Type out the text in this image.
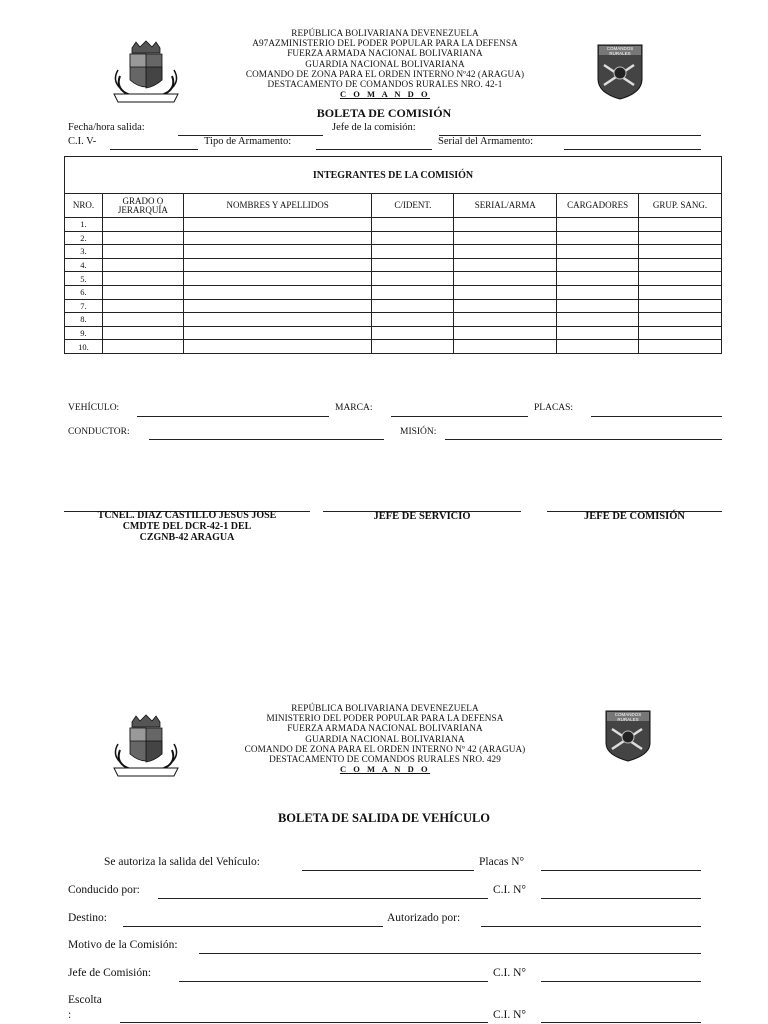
REPÚBLICA BOLIVARIANA DEVENEZUELA
A97AZMINISTERIO DEL PODER POPULAR PARA LA DEFENSA
FUERZA ARMADA NACIONAL BOLIVARIANA
GUARDIA NACIONAL BOLIVARIANA
COMANDO DE ZONA PARA EL ORDEN INTERNO Nº42 (ARAGUA)
DESTACAMENTO DE COMANDOS RURALES NRO. 42-1
C O M A N D O
COMANDOS RURALES
BOLETA DE COMISIÓN
Fecha/hora salida:	Jefe de la comisión:
C.I. V-	Tipo de Armamento:	Serial del Armamento:
INTEGRANTES DE LA COMISIÓN						
NRO.	GRADO O JERARQUÍA	NOMBRES Y APELLIDOS	C/IDENT.	SERIAL/ARMA	CARGADORES	GRUP. SANG.
1.						
2.						
3.						
4.						
5.						
6.						
7.						
8.						
9.						
10.						
VEHÍCULO:	MARCA:	PLACAS:
CONDUCTOR:	MISIÓN:
TCNEL. DIAZ CASTILLO JESUS JOSE
CMDTE DEL DCR-42-1 DEL
CZGNB-42 ARAGUA
JEFE DE SERVICIO	JEFE DE COMISIÓN
REPÚBLICA BOLIVARIANA DEVENEZUELA
MINISTERIO DEL PODER POPULAR PARA LA DEFENSA
FUERZA ARMADA NACIONAL BOLIVARIANA
GUARDIA NACIONAL BOLIVARIANA
COMANDO DE ZONA PARA EL ORDEN INTERNO Nº 42 (ARAGUA)
DESTACAMENTO DE COMANDOS RURALES NRO. 429
C O M A N D O
COMANDOS RURALES
BOLETA DE SALIDA DE VEHÍCULO
Se autoriza la salida del Vehículo:	Placas N°
Conducido por:	C.I. N°
Destino:	Autorizado por:
Motivo de la Comisión:
Jefe de Comisión:	C.I. N°
Escolta
:	C.I. N°
